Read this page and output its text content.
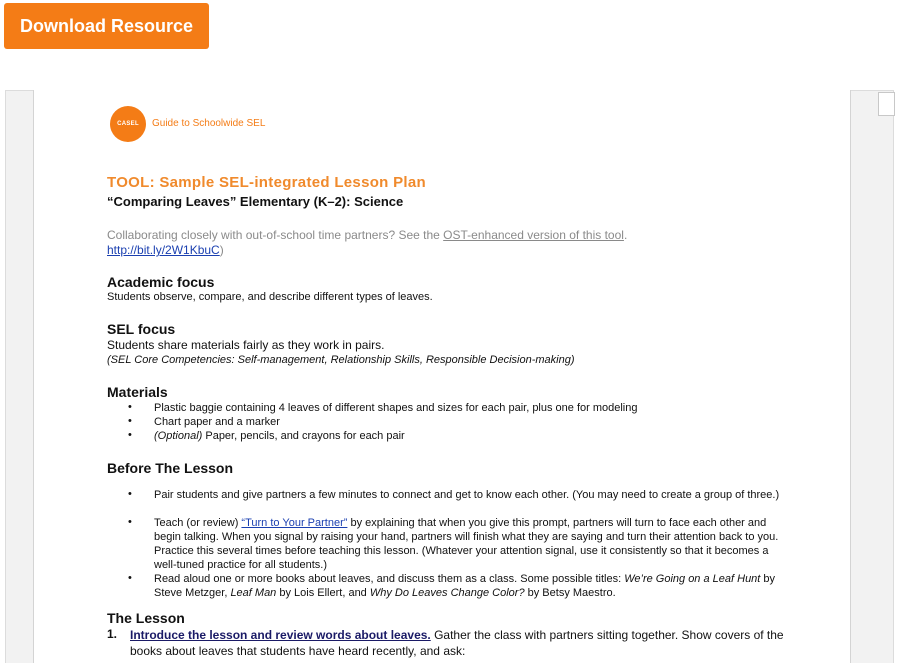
Download Resource
CASEL	Guide to Schoolwide SEL
TOOL: Sample SEL-integrated Lesson Plan
“Comparing Leaves” Elementary (K–2): Science
Collaborating closely with out-of-school time partners? See the OST-enhanced version of this tool.
http://bit.ly/2W1KbuC)
Academic focus
Students observe, compare, and describe different types of leaves.
SEL focus
Students share materials fairly as they work in pairs.
(SEL Core Competencies: Self-management, Relationship Skills, Responsible Decision-making)
Materials
• Plastic baggie containing 4 leaves of different shapes and sizes for each pair, plus one for modeling
• Chart paper and a marker
• (Optional) Paper, pencils, and crayons for each pair
Before The Lesson
• Pair students and give partners a few minutes to connect and get to know each other. (You may need to create a group of three.)
• Teach (or review) “Turn to Your Partner” by explaining that when you give this prompt, partners will turn to face each other and begin talking. When you signal by raising your hand, partners will finish what they are saying and turn their attention back to you. Practice this several times before teaching this lesson. (Whatever your attention signal, use it consistently so that it becomes a well-tuned practice for all students.)
• Read aloud one or more books about leaves, and discuss them as a class. Some possible titles: We’re Going on a Leaf Hunt by Steve Metzger, Leaf Man by Lois Ellert, and Why Do Leaves Change Color? by Betsy Maestro.
The Lesson
1. Introduce the lesson and review words about leaves. Gather the class with partners sitting together. Show covers of the books about leaves that students have heard recently, and ask:
